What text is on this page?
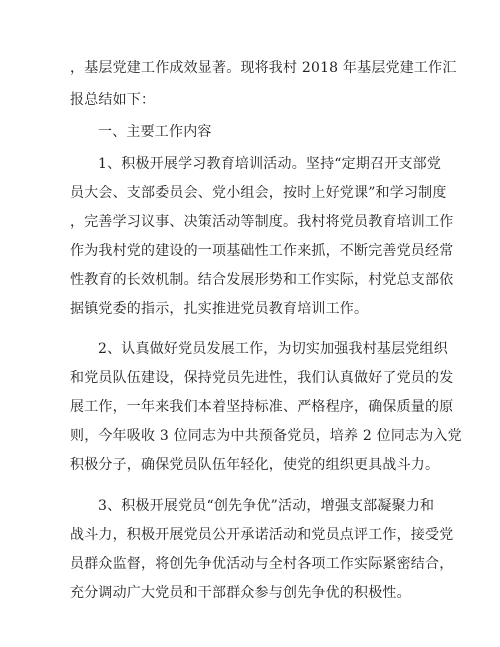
，基层党建工作成效显著。现将我村 2018 年基层党建工作汇
报总结如下：
一、主要工作内容
1、积极开展学习教育培训活动。坚持“定期召开支部党
员大会、支部委员会、党小组会，按时上好党课”和学习制度
，完善学习议事、决策活动等制度。我村将党员教育培训工作
作为我村党的建设的一项基础性工作来抓，不断完善党员经常
性教育的长效机制。结合发展形势和工作实际，村党总支部依
据镇党委的指示，扎实推进党员教育培训工作。
2、认真做好党员发展工作，为切实加强我村基层党组织
和党员队伍建设，保持党员先进性，我们认真做好了党员的发
展工作，一年来我们本着坚持标准、严格程序，确保质量的原
则，今年吸收 3 位同志为中共预备党员，培养 2 位同志为入党
积极分子，确保党员队伍年轻化，使党的组织更具战斗力。
3、积极开展党员“创先争优”活动，增强支部凝聚力和
战斗力，积极开展党员公开承诺活动和党员点评工作，接受党
员群众监督，将创先争优活动与全村各项工作实际紧密结合，
充分调动广大党员和干部群众参与创先争优的积极性。
